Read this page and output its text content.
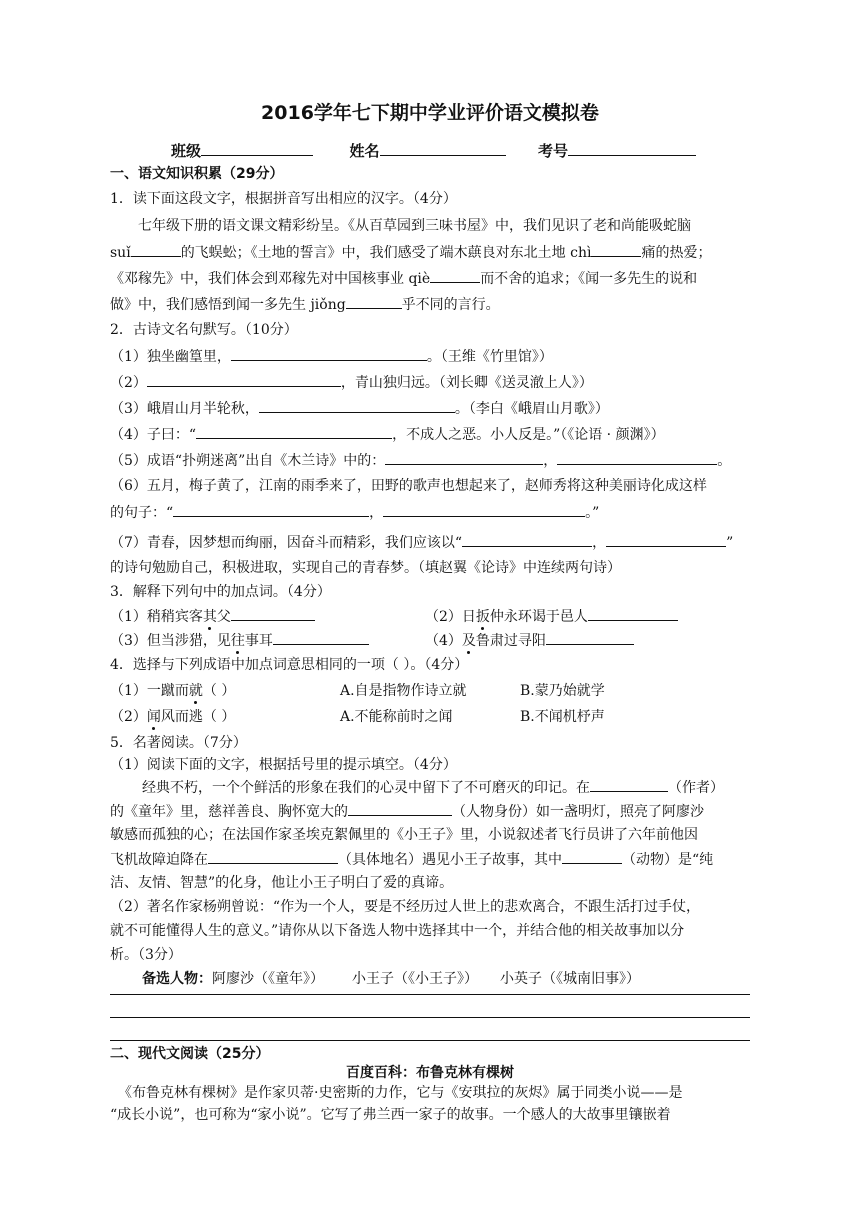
2016学年七下期中学业评价语文模拟卷
班级	姓名	考号
一、语文知识积累（29分）
1．读下面这段文字，根据拼音写出相应的汉字。（4分）
七年级下册的语文课文精彩纷呈。《从百草园到三味书屋》中，我们见识了老和尚能吸蛇脑
suǐ	的飞蜈蚣；《土地的誓言》中，我们感受了端木蕻良对东北土地 chì	痛的热爱；
《邓稼先》中，我们体会到邓稼先对中国核事业 qiè	而不舍的追求；《闻一多先生的说和
做》中，我们感悟到闻一多先生 jiǒng	乎不同的言行。
2．古诗文名句默写。（10分）
（1）独坐幽篁里，	。（王维《竹里馆》）
（2）	，青山独归远。（刘长卿《送灵澈上人》）
（3）峨眉山月半轮秋，	。（李白《峨眉山月歌》）
（4）子曰：“	，不成人之恶。小人反是。”（《论语 · 颜渊》）
（5）成语“扑朔迷离”出自《木兰诗》中的：	，	。
（6）五月，梅子黄了，江南的雨季来了，田野的歌声也想起来了，赵师秀将这种美丽诗化成这样
的句子：“	，	。”
（7）青春，因梦想而绚丽，因奋斗而精彩，我们应该以“	，	”
的诗句勉励自己，积极进取，实现自己的青春梦。（填赵翼《论诗》中连续两句诗）
3．解释下列句中的加点词。（4分）
（1）稍稍宾客其父	（2）日扳仲永环谒于邑人
（3）但当涉猎，见往事耳	（4）及鲁肃过寻阳
4．选择与下列成语中加点词意思相同的一项（ ）。（4分）
（1）一蹴而就（ ）	A.自是指物作诗立就	B.蒙乃始就学
（2）闻风而逃（ ）	A.不能称前时之闻	B.不闻机杼声
5．名著阅读。（7分）
（1）阅读下面的文字，根据括号里的提示填空。（4分）
经典不朽，一个个鲜活的形象在我们的心灵中留下了不可磨灭的印记。在	（作者）
的《童年》里，慈祥善良、胸怀宽大的	（人物身份）如一盏明灯，照亮了阿廖沙
敏感而孤独的心；在法国作家圣埃克絮佩里的《小王子》里，小说叙述者飞行员讲了六年前他因
飞机故障迫降在	（具体地名）遇见小王子故事，其中	（动物）是“纯
洁、友情、智慧”的化身，他让小王子明白了爱的真谛。
（2）著名作家杨朔曾说：“作为一个人，要是不经历过人世上的悲欢离合，不跟生活打过手仗，
就不可能懂得人生的意义。”请你从以下备选人物中选择其中一个，并结合他的相关故事加以分
析。（3分）
备选人物：阿廖沙（《童年》） 小王子（《小王子》） 小英子（《城南旧事》）
二、现代文阅读（25分）
百度百科：布鲁克林有棵树
《布鲁克林有棵树》是作家贝蒂·史密斯的力作，它与《安琪拉的灰烬》属于同类小说——是
“成长小说”，也可称为“家小说”。它写了弗兰西一家子的故事。一个感人的大故事里镶嵌着
